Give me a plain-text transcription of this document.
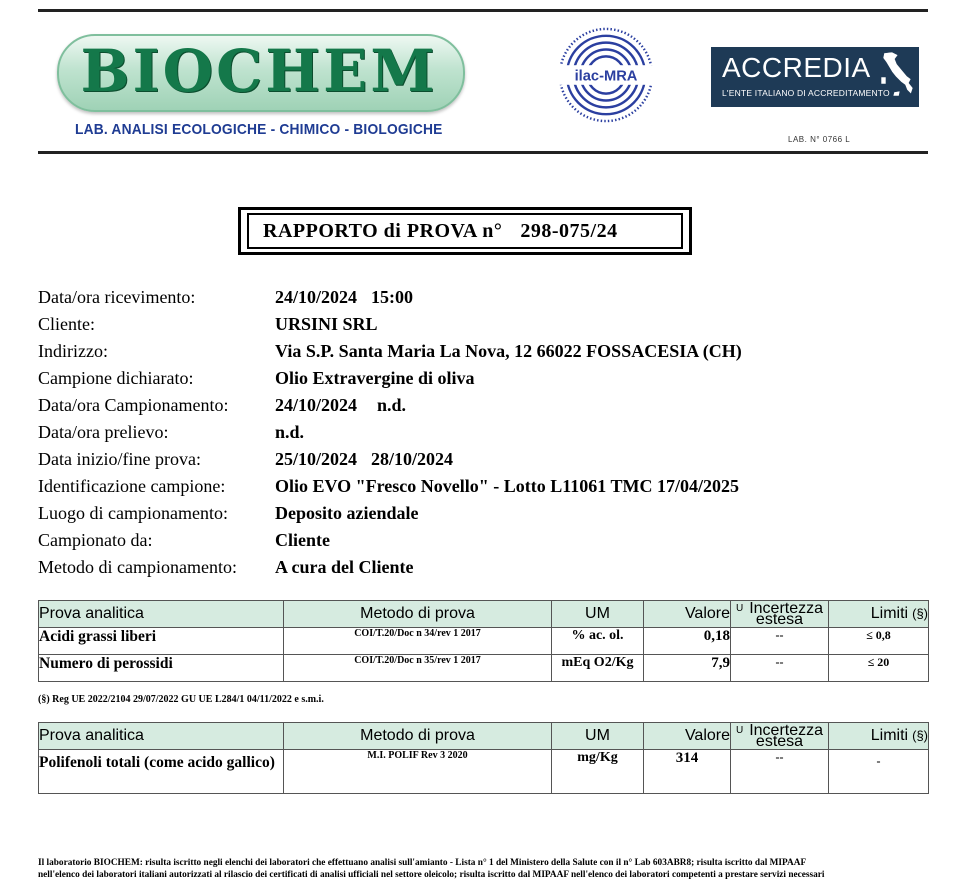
BIOCHEM
LAB. ANALISI ECOLOGICHE - CHIMICO - BIOLOGICHE
ilac-MRA	ACCREDIA
L'ENTE ITALIANO DI ACCREDITAMENTO
LAB. N° 0766 L
RAPPORTO di PROVA n° 298-075/24
Data/ora ricevimento:	24/10/2024 15:00
Cliente:	URSINI SRL
Indirizzo:	Via S.P. Santa Maria La Nova, 12 66022 FOSSACESIA (CH)
Campione dichiarato:	Olio Extravergine di oliva
Data/ora Campionamento:	24/10/2024 n.d.
Data/ora prelievo:	n.d.
Data inizio/fine prova:	25/10/2024 28/10/2024
Identificazione campione:	Olio EVO "Fresco Novello" - Lotto L11061 TMC 17/04/2025
Luogo di campionamento:	Deposito aziendale
Campionato da:	Cliente
Metodo di campionamento: A cura del Cliente
Prova analitica	Metodo di prova	UM	Valore	$^U$ Incertezza estesa	Limiti (§)
Acidi grassi liberi	COI/T.20/Doc n 34/rev 1 2017	% ac. ol.	0,18	--	≤ 0,8
Numero di perossidi	COI/T.20/Doc n 35/rev 1 2017	mEq O2/Kg	7,9	--	≤ 20
(§) Reg UE 2022/2104 29/07/2022 GU UE L284/1 04/11/2022 e s.m.i.
Prova analitica	Metodo di prova	UM	Valore	$^U$ Incertezza estesa	Limiti (§)
Polifenoli totali (come acido gallico)	M.I. POLIF Rev 3 2020	mg/Kg	314	--	-
Il laboratorio BIOCHEM: risulta iscritto negli elenchi dei laboratori che effettuano analisi sull'amianto - Lista n° 1 del Ministero della Salute con il n° Lab 603ABR8; risulta iscritto dal MIPAAF
nell'elenco dei laboratori italiani autorizzati al rilascio dei certificati di analisi ufficiali nel settore oleicolo; risulta iscritto dal MIPAAF nell'elenco dei laboratori competenti a prestare servizi necessari
